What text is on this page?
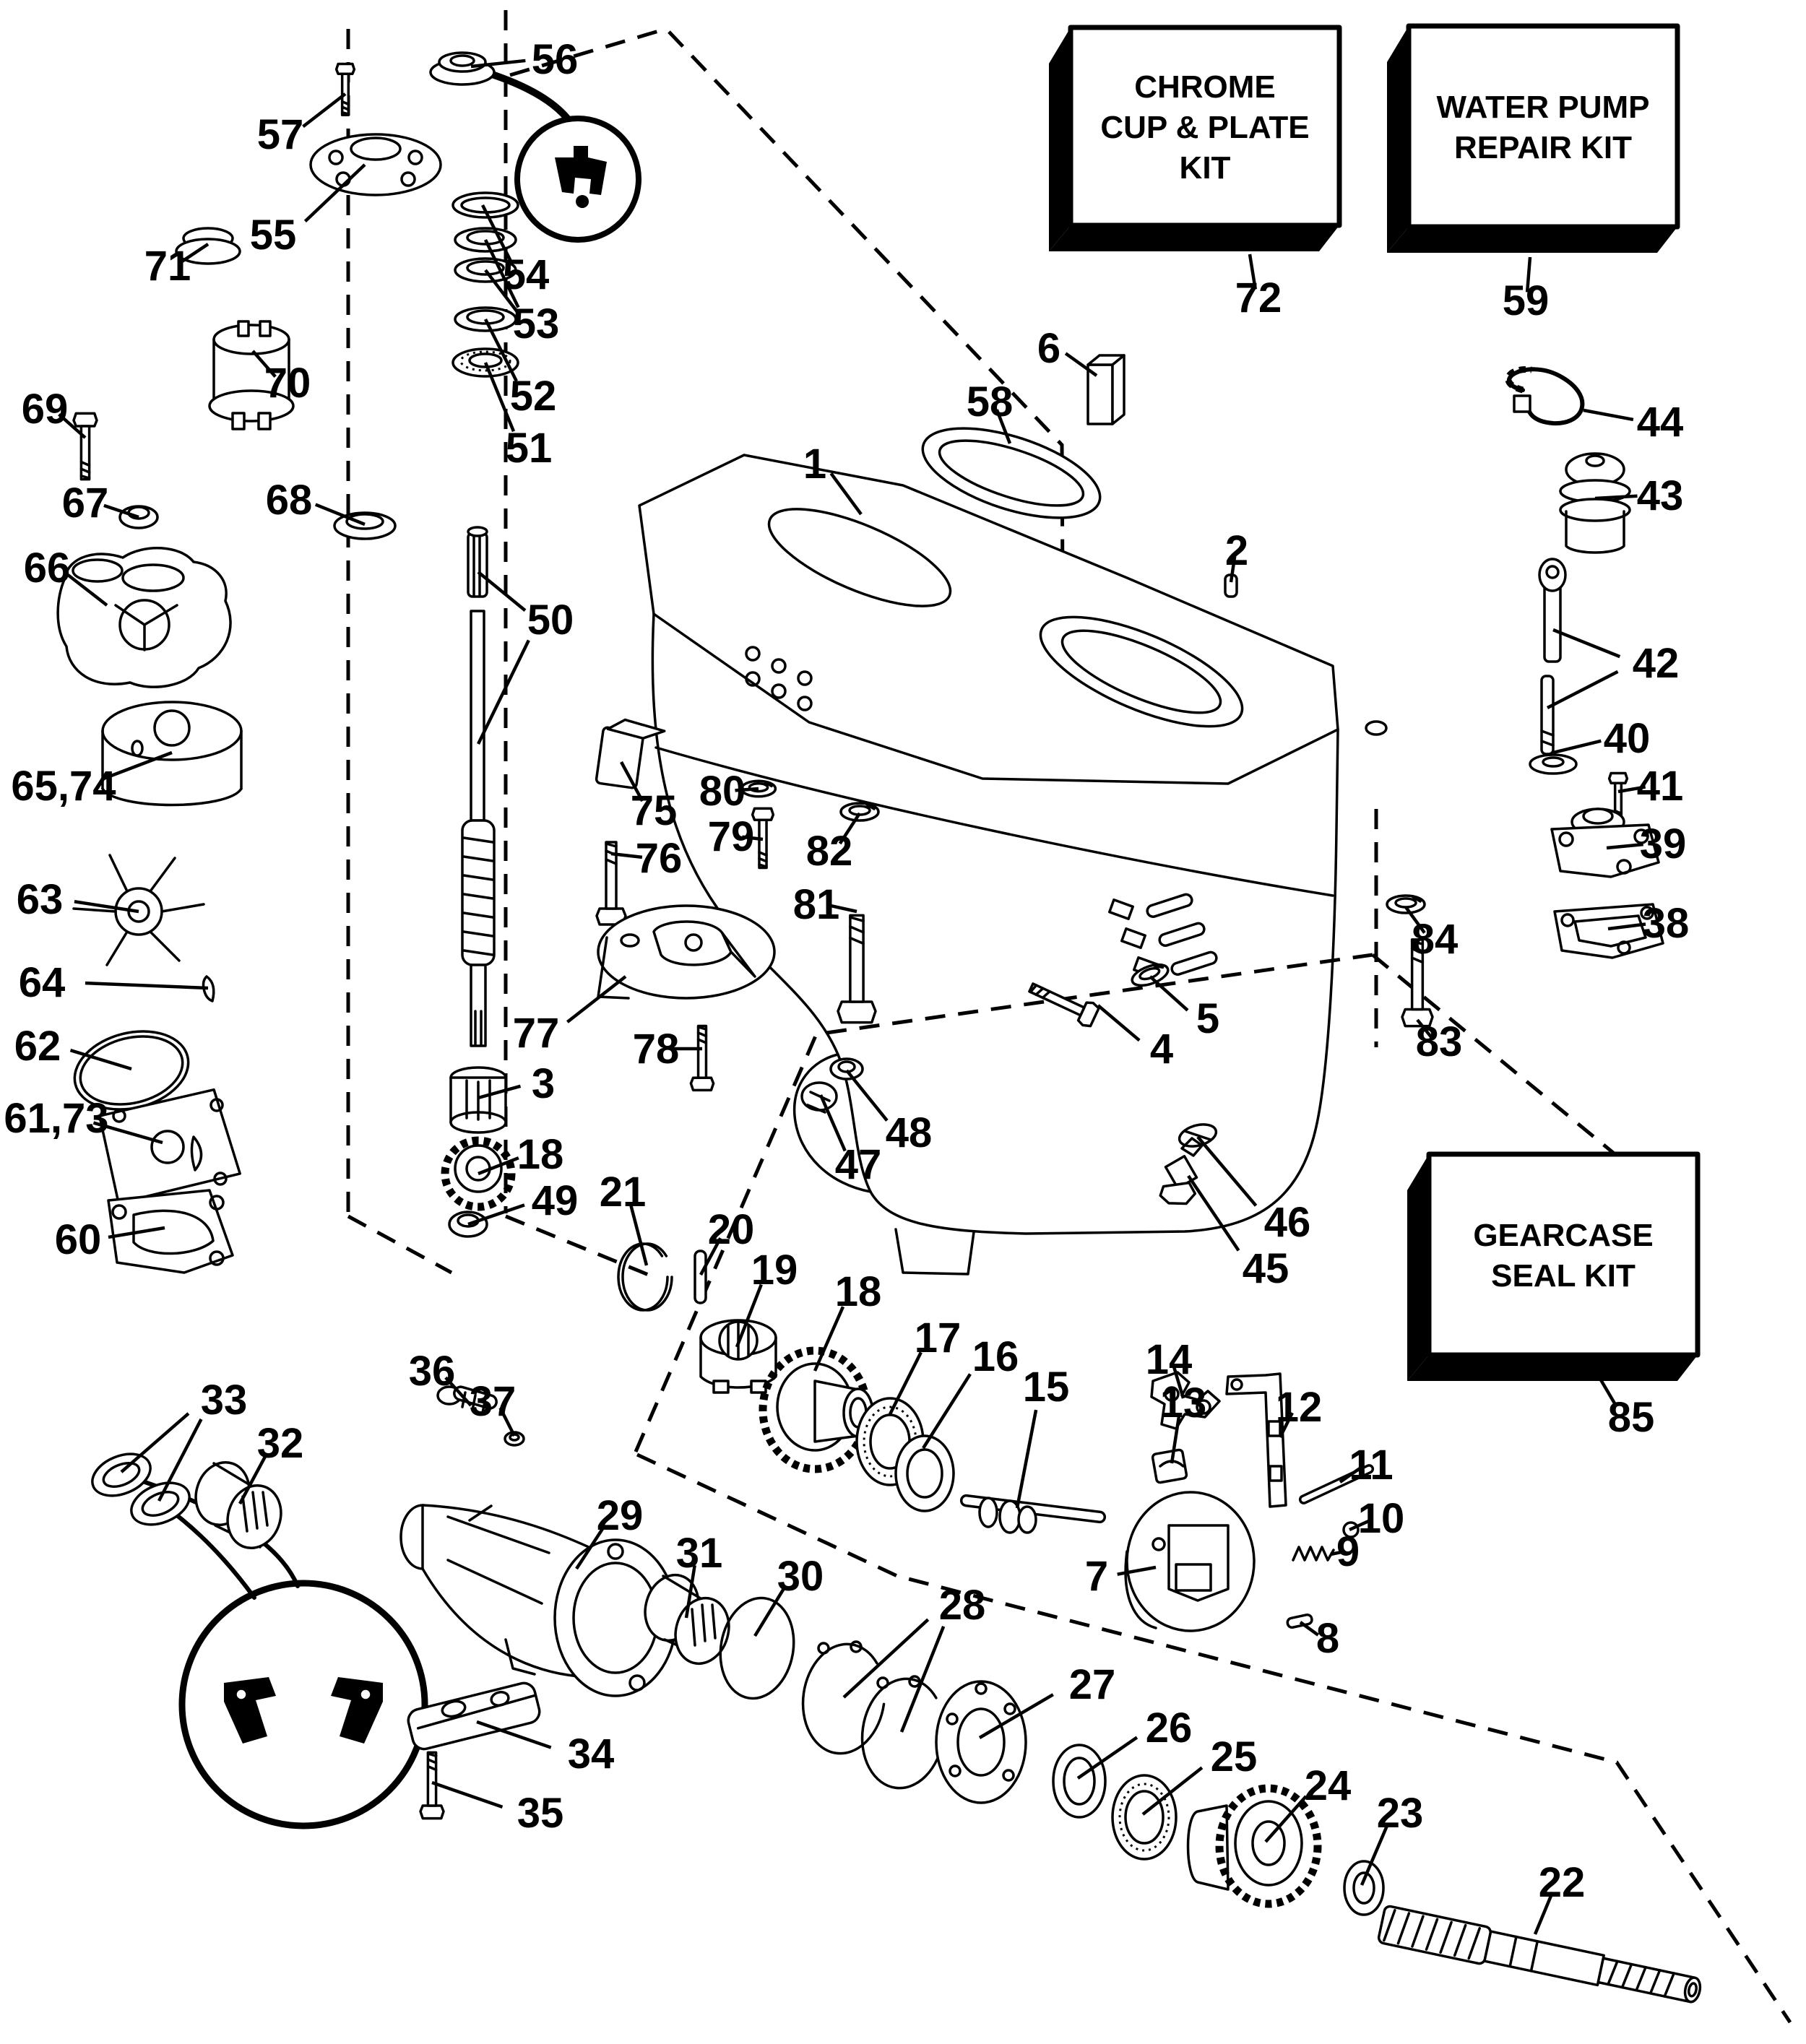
56
57
55
71	54
53
70	52
69
51
67	68
66
50
65,74
63
64
62
61,73
60
1
58
6
2
75 80
79 82
76
81
77 78
3
18
49 21
20
19 18
17 16
15
14
13 12
11
10
9
7
8
47
48
4
5
46
45
44
43
42
40
41
39
38
84
83
22
23
24
25
26
27
28
33
32
36
37
29
31 30
34
35
72	59
85
CHROME
CUP & PLATE
KIT
WATER PUMP
REPAIR KIT
GEARCASE
SEAL KIT
